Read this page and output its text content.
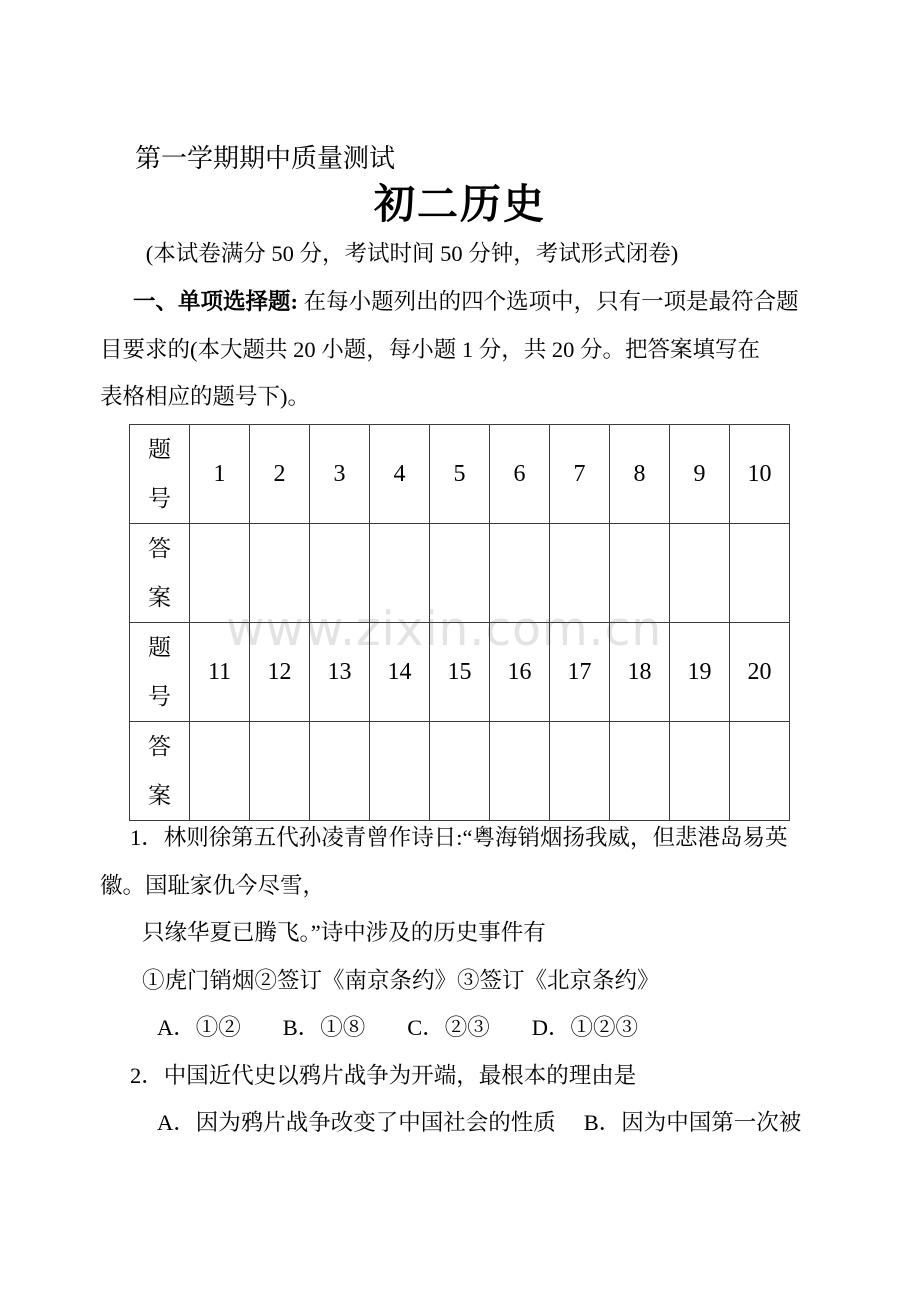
第一学期期中质量测试
初二历史
(本试卷满分 50 分，考试时间 50 分钟，考试形式闭卷)
一、单项选择题: 在每小题列出的四个选项中，只有一项是最符合题
目要求的(本大题共 20 小题，每小题 1 分，共 20 分。把答案填写在
表格相应的题号下)。
www.zixin.com.cn
题号	1	2	3	4	5	6	7	8	9	10
答案										
题号	11	12	13	14	15	16	17	18	19	20
答案										
1．林则徐第五代孙凌青曾作诗日:“粤海销烟扬我威，但悲港岛易英
徽。国耻家仇今尽雪，
只缘华夏已腾飞。”诗中涉及的历史事件有
①虎门销烟②签订《南京条约》③签订《北京条约》
A．①② B．①⑧ C．②③ D．①②③
2．中国近代史以鸦片战争为开端，最根本的理由是
A．因为鸦片战争改变了中国社会的性质 B．因为中国第一次被
